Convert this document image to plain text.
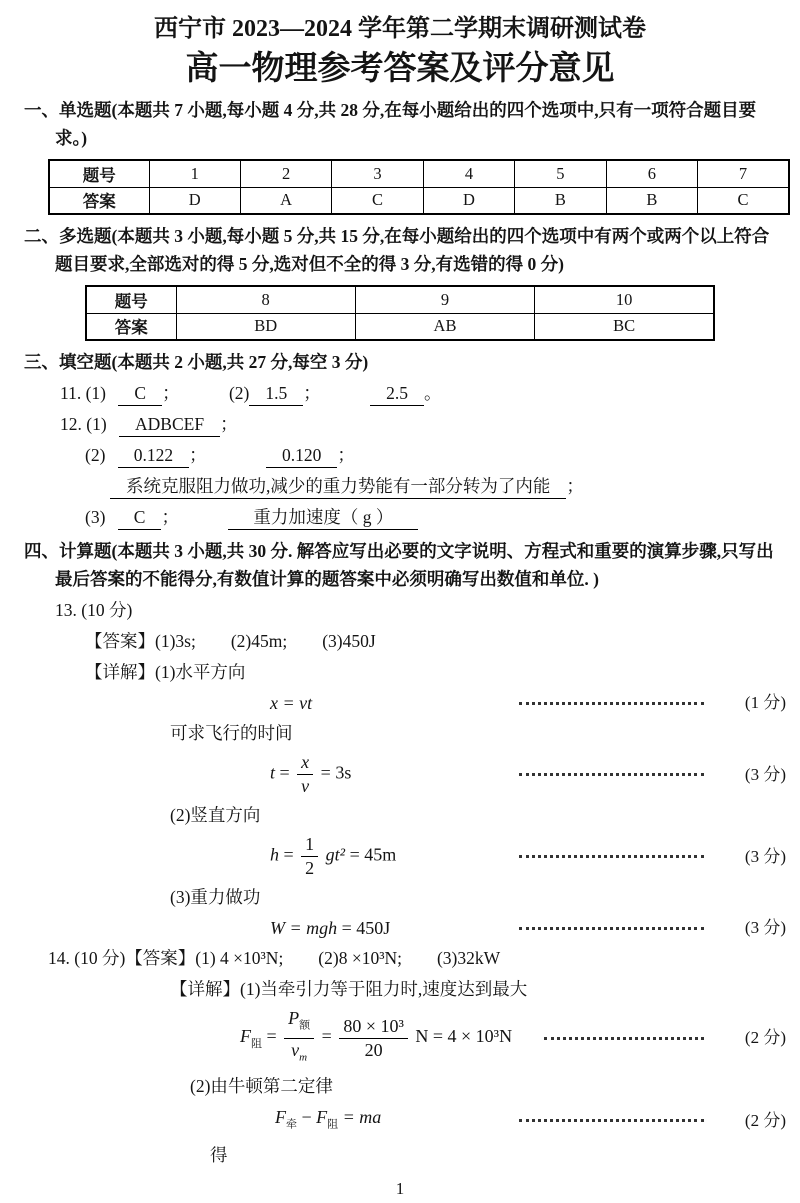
西宁市 2023—2024 学年第二学期末调研测试卷
高一物理参考答案及评分意见

一、单选题(本题共 7 小题,每小题 4 分,共 28 分,在每小题给出的四个选项中,只有一项符合题目要求。)

题号	1	2	3	4	5	6	7
答案	D	A	C	D	B	B	C

二、多选题(本题共 3 小题,每小题 5 分,共 15 分,在每小题给出的四个选项中有两个或两个以上符合题目要求,全部选对的得 5 分,选对但不全的得 3 分,有选错的得 0 分)

题号	8	9	10
答案	BD	AB	BC

三、填空题(本题共 2 小题,共 27 分,每空 3 分)

11. (1) C ；	(2) 1.5 ；	2.5 。

12. (1) ADBCEF ；

(2) 0.122 ；	0.120 ；

系统克服阻力做功,减少的重力势能有一部分转为了内能 ；

(3) C ；	重力加速度（ g ）

四、计算题(本题共 3 小题,共 30 分. 解答应写出必要的文字说明、方程式和重要的演算步骤,只写出最后答案的不能得分,有数值计算的题答案中必须明确写出数值和单位. )

13. (10 分)

【答案】(1)3s;　　(2)45m;　　(3)450J

【详解】(1)水平方向

x = vt	(1 分)

可求飞行的时间

$t = \frac{x}{v} = 3s$	(3 分)

(2)竖直方向

$h = \frac{1}{2} gt^2 = 45m$	(3 分)

(3)重力做功

W = mgh = 450J	(3 分)

14. (10 分)【答案】(1) 4 ×10³N;　　(2)8 ×10³N;　　(3)32kW

【详解】(1)当牵引力等于阻力时,速度达到最大

$F_阻 = \frac{P_额}{v_m} = \frac{\text{80 × 10³}}{20}$ N = 4 × 10³N	(2 分)

(2)由牛顿第二定律

$F_牵 - F_阻$ = ma	(2 分)

得

1
